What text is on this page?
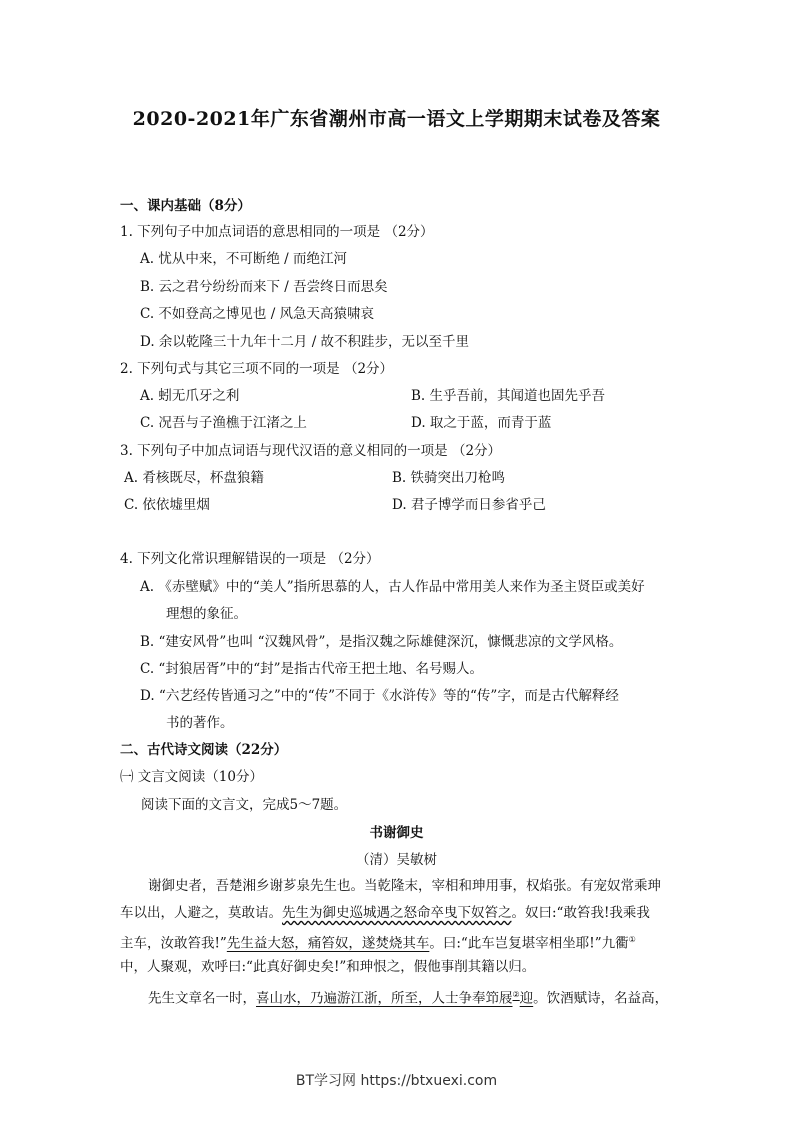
2020-2021年广东省潮州市高一语文上学期期末试卷及答案
一、课内基础（8分）
1. 下列句子中加点词语的意思相同的一项是 （2分）
A. 忧从中来，不可断绝 / 而绝江河
B. 云之君兮纷纷而来下 / 吾尝终日而思矣
C. 不如登高之博见也 / 风急天高猿啸哀
D. 余以乾隆三十九年十二月 / 故不积跬步，无以至千里
2. 下列句式与其它三项不同的一项是 （2分）
A. 蚓无爪牙之利	B. 生乎吾前，其闻道也固先乎吾
C. 况吾与子渔樵于江渚之上	D. 取之于蓝，而青于蓝
3. 下列句子中加点词语与现代汉语的意义相同的一项是 （2分）
A. 肴核既尽，杯盘狼籍	B. 铁骑突出刀枪鸣
C. 依依墟里烟	D. 君子博学而日参省乎己
4. 下列文化常识理解错误的一项是 （2分）
A. 《赤壁赋》中的“美人”指所思慕的人，古人作品中常用美人来作为圣主贤臣或美好
理想的象征。
B. “建安风骨”也叫 “汉魏风骨”，是指汉魏之际雄健深沉，慷慨悲凉的文学风格。
C. “封狼居胥”中的“封”是指古代帝王把土地、名号赐人。
D. “六艺经传皆通习之”中的“传”不同于《水浒传》等的“传”字，而是古代解释经
书的著作。
二、古代诗文阅读（22分）
㈠ 文言文阅读（10分）
阅读下面的文言文，完成5～7题。
书谢御史
（清）吴敏树
谢御史者，吾楚湘乡谢芗泉先生也。当乾隆末，宰相和珅用事，权焰张。有宠奴常乘珅
车以出，人避之，莫敢诘。先生为御史巡城遇之怒命卒曳下奴笞之。奴曰:“敢笞我!我乘我
主车，汝敢笞我!”先生益大怒，痛笞奴，遂焚烧其车。曰:“此车岂复堪宰相坐耶!”九衢①
中，人聚观，欢呼曰:“此真好御史矣!”和珅恨之，假他事削其籍以归。
先生文章名一时，喜山水，乃遍游江浙，所至，人士争奉笻屐②迎。饮酒赋诗，名益高，
BT学习网 https://btxuexi.com
